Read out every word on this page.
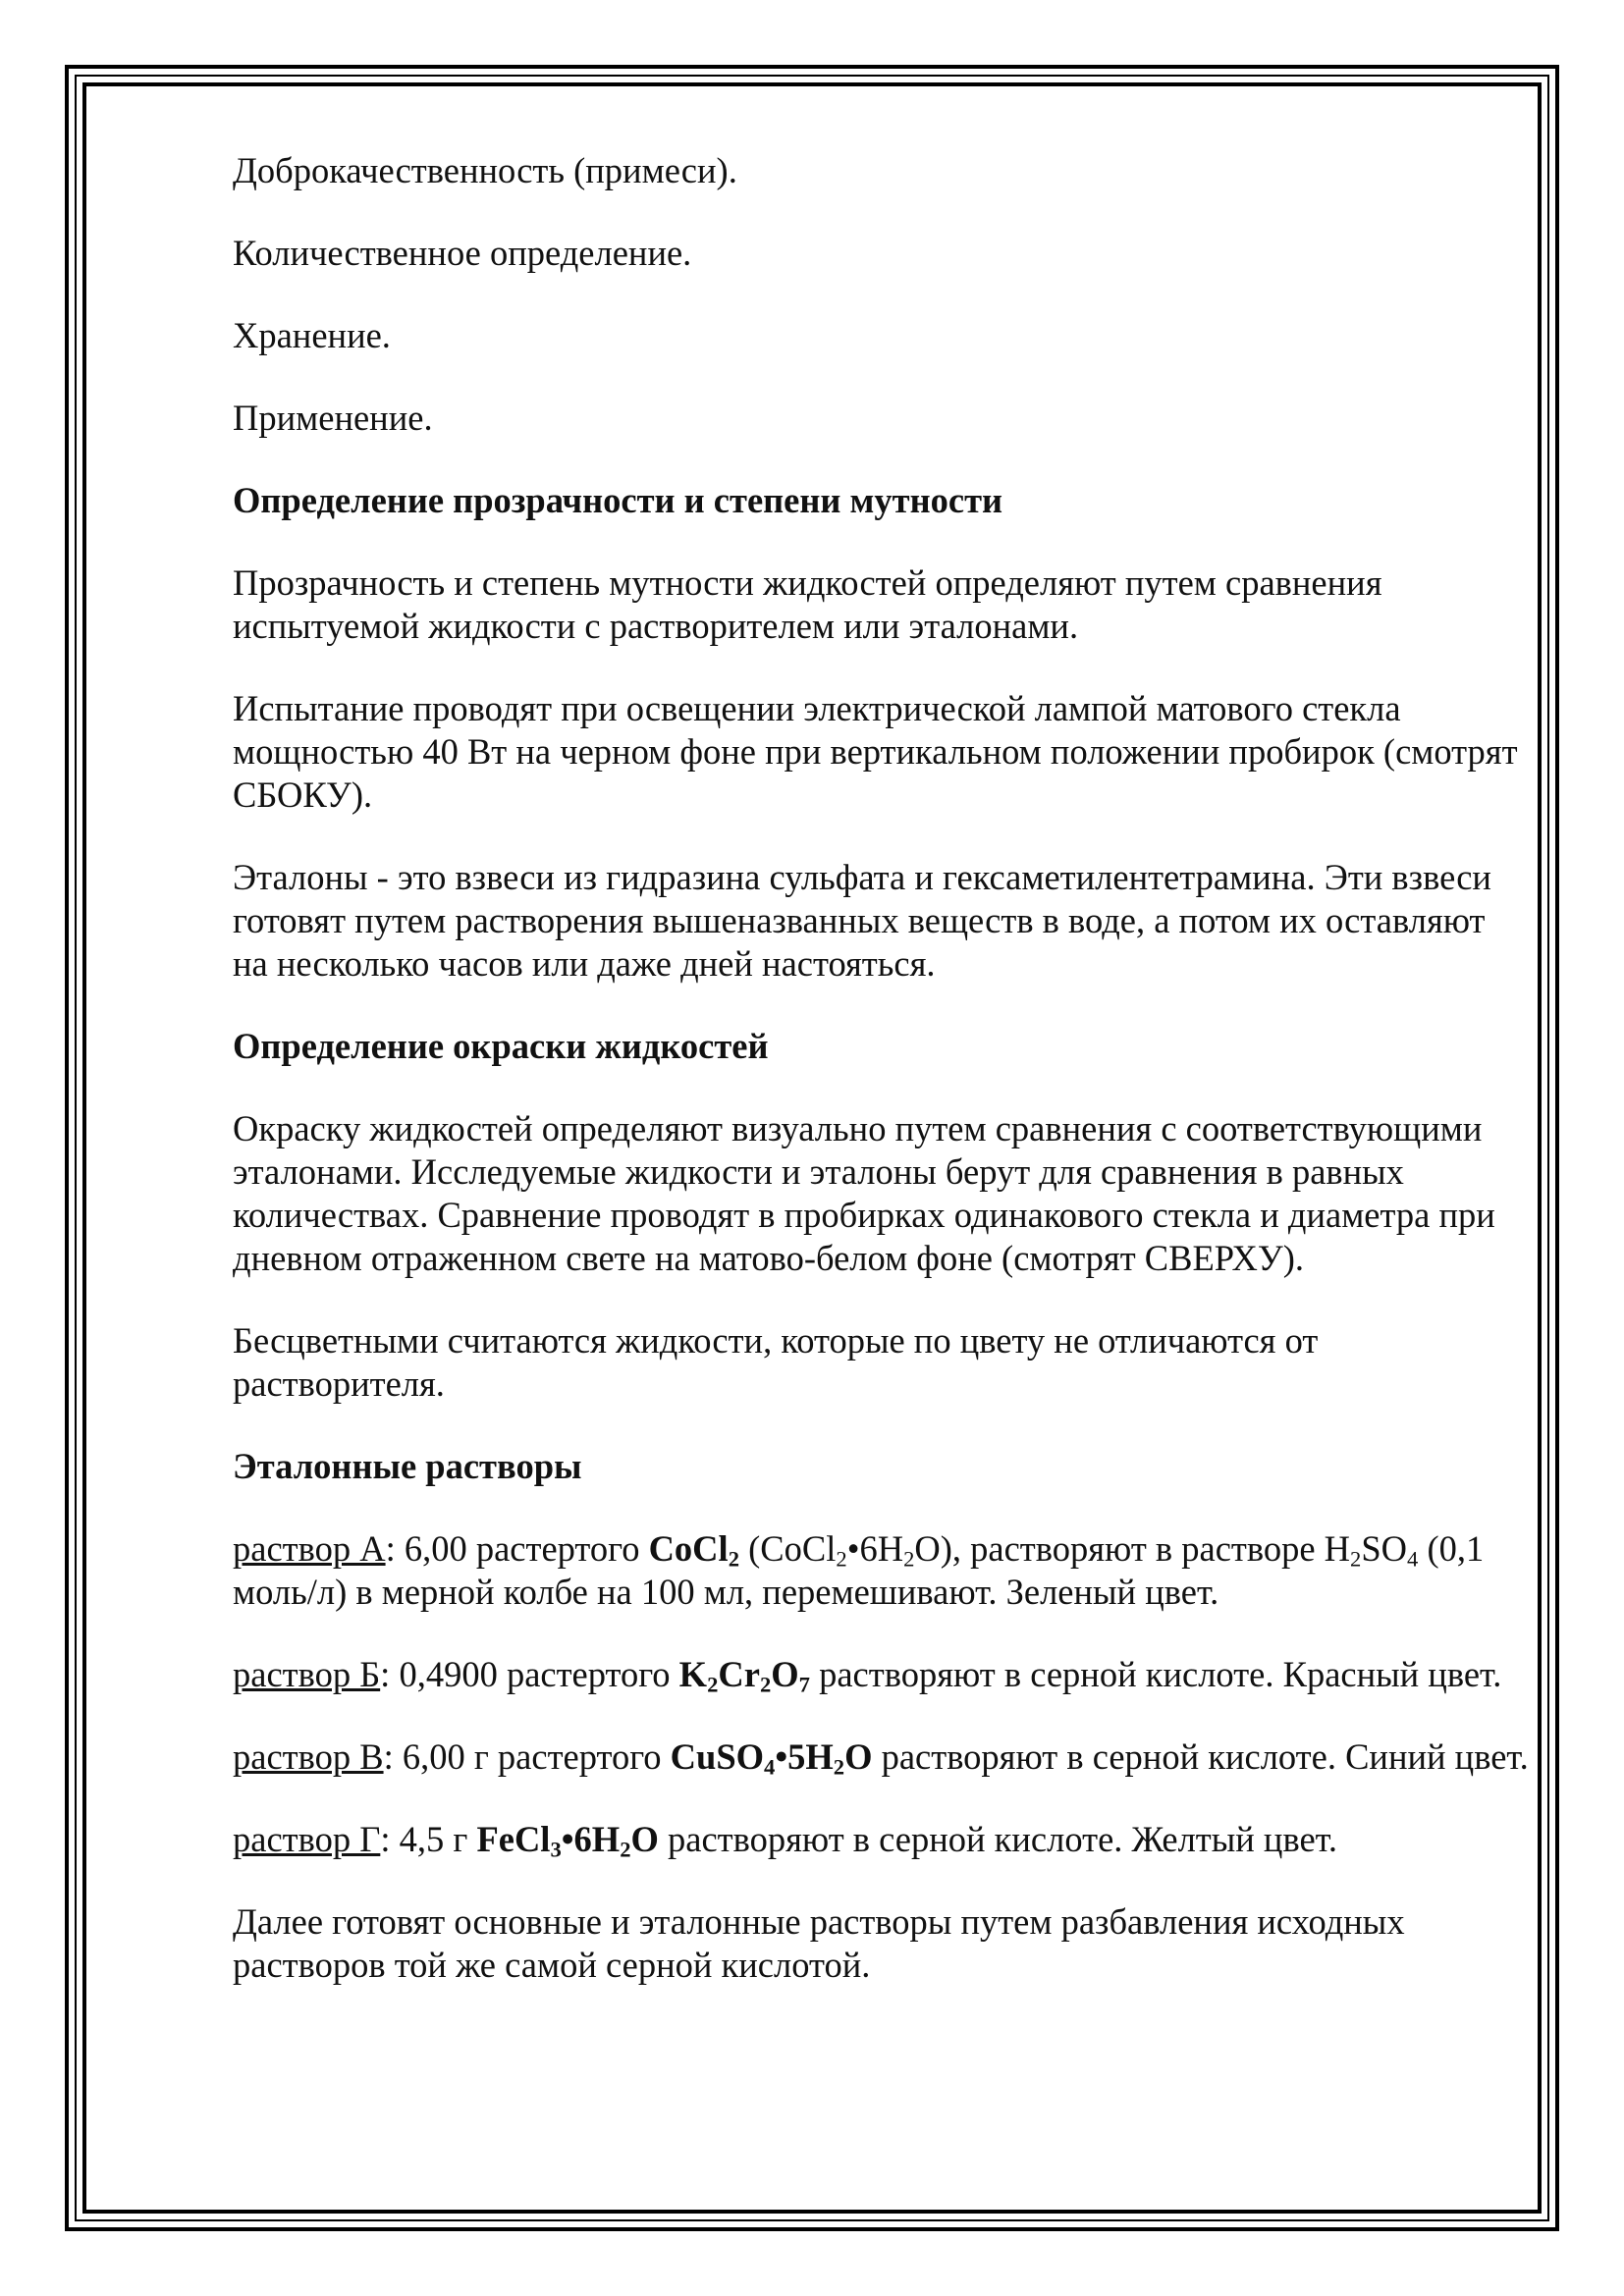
Доброкачественность (примеси).

Количественное определение.

Хранение.

Применение.

Определение прозрачности и степени мутности

Прозрачность и степень мутности жидкостей определяют путем сравнения испытуемой жидкости с растворителем или эталонами.

Испытание проводят при освещении электрической лампой матового стекла мощностью 40 Вт на черном фоне при вертикальном положении пробирок (смотрят СБОКУ).

Эталоны - это взвеси из гидразина сульфата и гексаметилентетрамина. Эти взвеси готовят путем растворения вышеназванных веществ в воде, а потом их оставляют на несколько часов или даже дней настояться.

Определение окраски жидкостей

Окраску жидкостей определяют визуально путем сравнения с соответствующими эталонами. Исследуемые жидкости и эталоны берут для сравнения в равных количествах. Сравнение проводят в пробирках одинакового стекла и диаметра при дневном отраженном свете на матово-белом фоне (смотрят СВЕРХУ).

Бесцветными считаются жидкости, которые по цвету не отличаются от растворителя.

Эталонные растворы

раствор А: 6,00 растертого CoCl$_2$ $(CoCl_2•6H_2O)$, растворяют в растворе $H_2SO_4$ (0,1 моль/л) в мерной колбе на 100 мл, перемешивают. Зеленый цвет.

раствор Б: 0,4900 растертого $K_2Cr_2O_7$ растворяют в серной кислоте. Красный цвет.

раствор В: 6,00 г растертого $CuSO_4•5H_2O$ растворяют в серной кислоте. Синий цвет.

раствор Г: 4,5 г $FeCl_3•6H_2O$ растворяют в серной кислоте. Желтый цвет.

Далее готовят основные и эталонные растворы путем разбавления исходных растворов той же самой серной кислотой.
